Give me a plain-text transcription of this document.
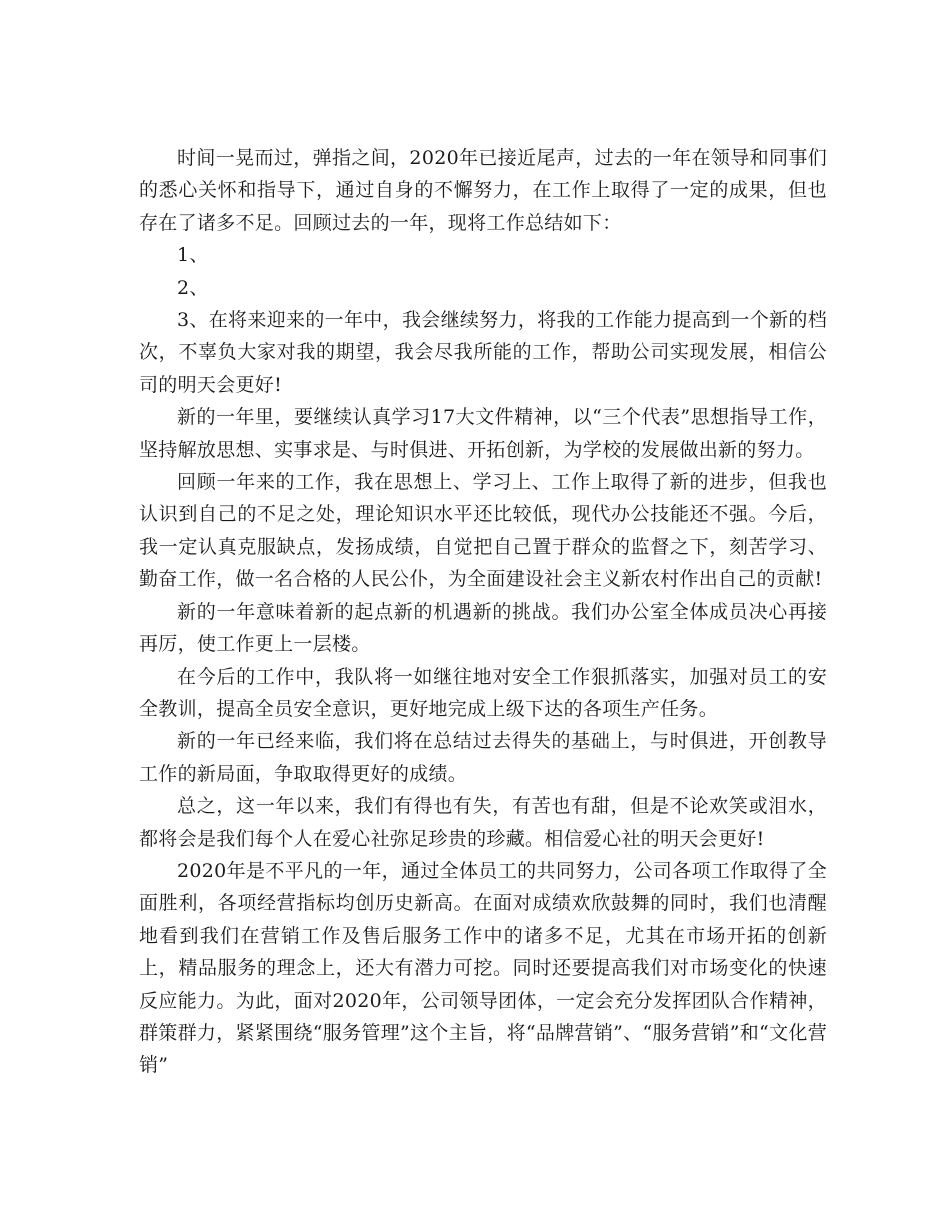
时间一晃而过，弹指之间，2020年已接近尾声，过去的一年在领导和同事们的悉心关怀和指导下，通过自身的不懈努力，在工作上取得了一定的成果，但也存在了诸多不足。回顾过去的一年，现将工作总结如下：

1、

2、

3、在将来迎来的一年中，我会继续努力，将我的工作能力提高到一个新的档次，不辜负大家对我的期望，我会尽我所能的工作，帮助公司实现发展，相信公司的明天会更好!

新的一年里，要继续认真学习17大文件精神，以“三个代表”思想指导工作，坚持解放思想、实事求是、与时俱进、开拓创新，为学校的发展做出新的努力。

回顾一年来的工作，我在思想上、学习上、工作上取得了新的进步，但我也认识到自己的不足之处，理论知识水平还比较低，现代办公技能还不强。今后，我一定认真克服缺点，发扬成绩，自觉把自己置于群众的监督之下，刻苦学习、勤奋工作，做一名合格的人民公仆，为全面建设社会主义新农村作出自己的贡献!

新的一年意味着新的起点新的机遇新的挑战。我们办公室全体成员决心再接再厉，使工作更上一层楼。

在今后的工作中，我队将一如继往地对安全工作狠抓落实，加强对员工的安全教训，提高全员安全意识，更好地完成上级下达的各项生产任务。

新的一年已经来临，我们将在总结过去得失的基础上，与时俱进，开创教导工作的新局面，争取取得更好的成绩。

总之，这一年以来，我们有得也有失，有苦也有甜，但是不论欢笑或泪水，都将会是我们每个人在爱心社弥足珍贵的珍藏。相信爱心社的明天会更好!

2020年是不平凡的一年，通过全体员工的共同努力，公司各项工作取得了全面胜利，各项经营指标均创历史新高。在面对成绩欢欣鼓舞的同时，我们也清醒地看到我们在营销工作及售后服务工作中的诸多不足，尤其在市场开拓的创新上，精品服务的理念上，还大有潜力可挖。同时还要提高我们对市场变化的快速反应能力。为此，面对2020年，公司领导团体，一定会充分发挥团队合作精神，群策群力，紧紧围绕“服务管理”这个主旨，将“品牌营销”、“服务营销”和“文化营销”
